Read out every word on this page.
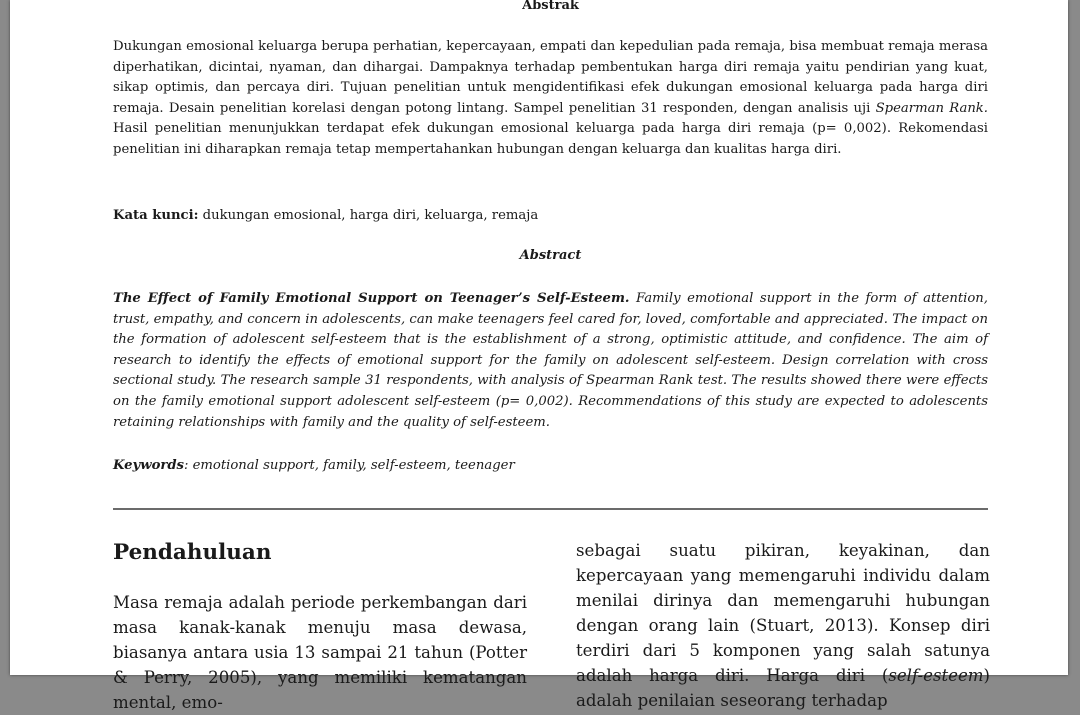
Abstrak
Dukungan emosional keluarga berupa perhatian, kepercayaan, empati dan kepedulian pada remaja, bisa membuat remaja merasa diperhatikan, dicintai, nyaman, dan dihargai. Dampaknya terhadap pembentukan harga diri remaja yaitu pendirian yang kuat, sikap optimis, dan percaya diri. Tujuan penelitian untuk mengidentifikasi efek dukungan emosional keluarga pada harga diri remaja. Desain penelitian korelasi dengan potong lintang. Sampel penelitian 31 responden, dengan analisis uji Spearman Rank. Hasil penelitian menunjukkan terdapat efek dukungan emosional keluarga pada harga diri remaja (p= 0,002). Rekomendasi penelitian ini diharapkan remaja tetap mempertahankan hubungan dengan keluarga dan kualitas harga diri.
Kata kunci: dukungan emosional, harga diri, keluarga, remaja
Abstract
The Effect of Family Emotional Support on Teenager’s Self-Esteem. Family emotional support in the form of attention, trust, empathy, and concern in adolescents, can make teenagers feel cared for, loved, comfortable and appreciated. The impact on the formation of adolescent self-esteem that is the establishment of a strong, optimistic attitude, and confidence. The aim of research to identify the effects of emotional support for the family on adolescent self-esteem. Design correlation with cross sectional study. The research sample 31 respondents, with analysis of Spearman Rank test. The results showed there were effects on the family emotional support adolescent self-esteem (p= 0,002). Recommendations of this study are expected to adolescents retaining relationships with family and the quality of self-esteem.
Keywords: emotional support, family, self-esteem, teenager
Pendahuluan
Masa remaja adalah periode perkembangan dari masa kanak-kanak menuju masa dewasa, biasanya antara usia 13 sampai 21 tahun (Potter & Perry, 2005), yang memiliki kematangan mental, emo-
sebagai suatu pikiran, keyakinan, dan kepercayaan yang memengaruhi individu dalam menilai dirinya dan memengaruhi hubungan dengan orang lain (Stuart, 2013). Konsep diri terdiri dari 5 komponen yang salah satunya adalah harga diri. Harga diri (self-esteem) adalah penilaian seseorang terhadap
